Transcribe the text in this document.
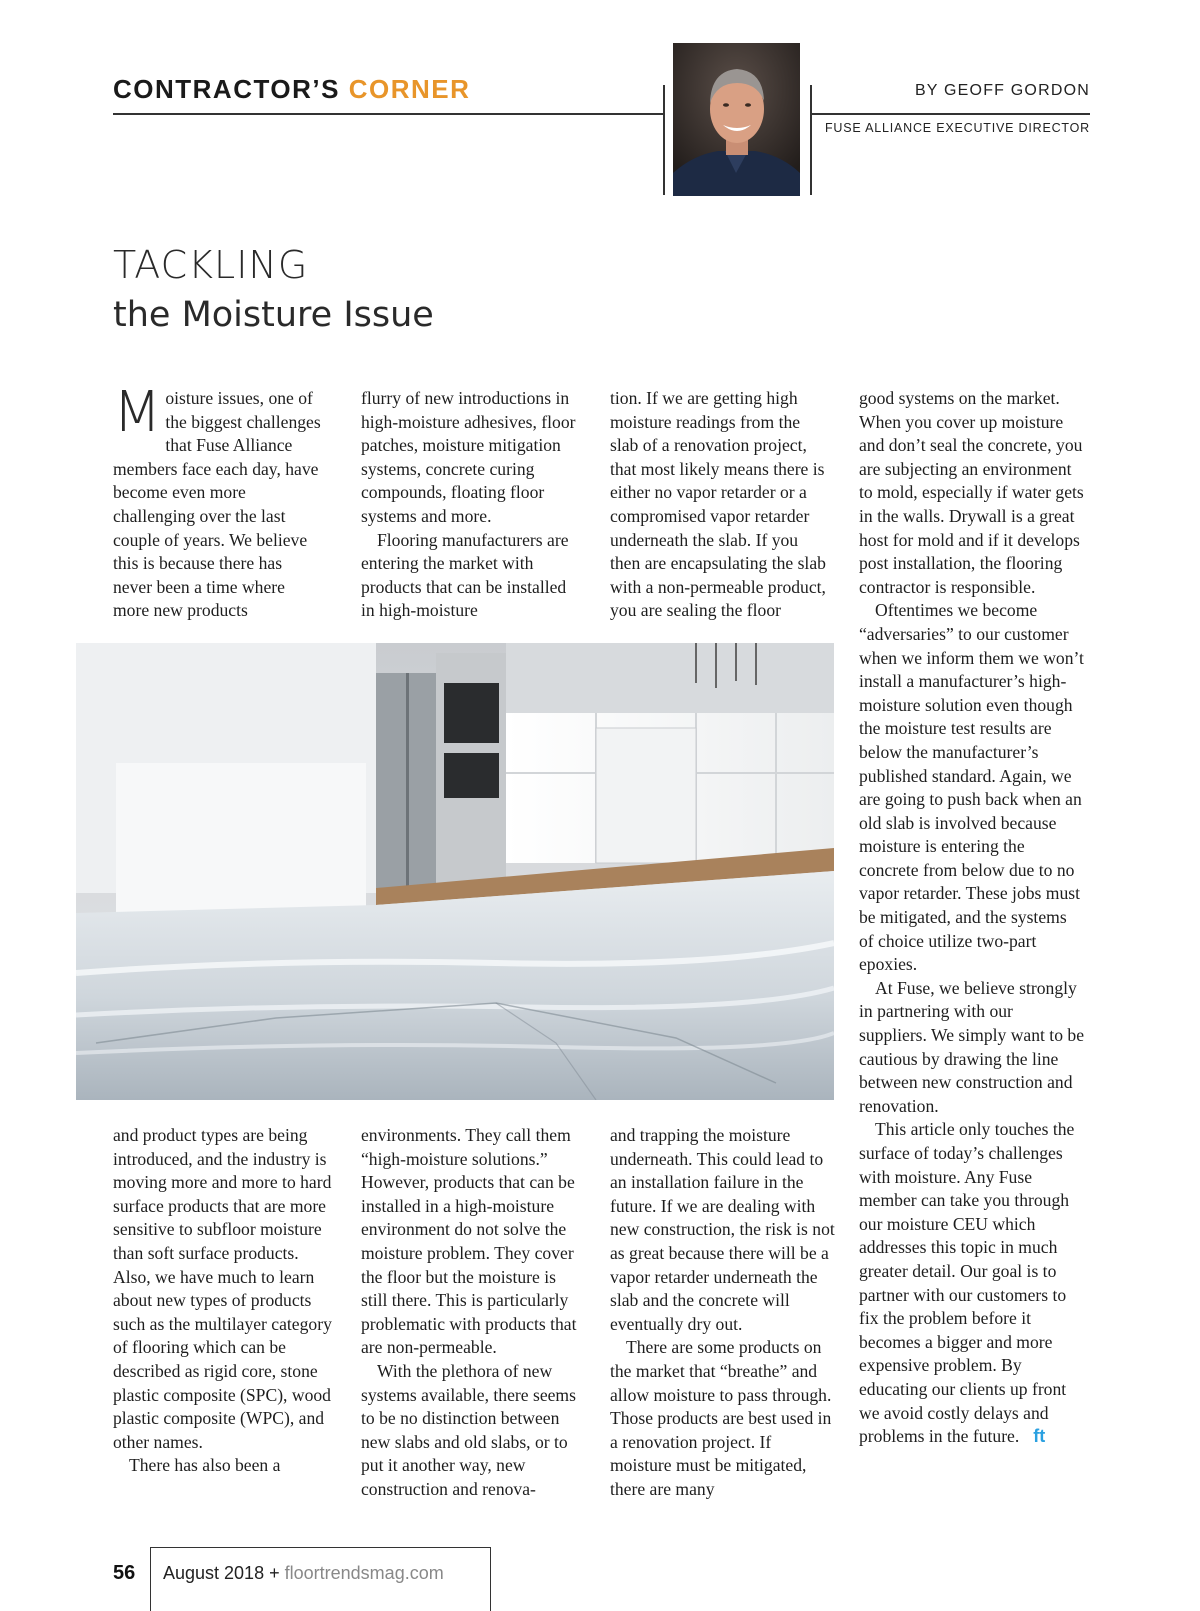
CONTRACTOR’S CORNER	BY GEOFF GORDON
FUSE ALLIANCE EXECUTIVE DIRECTOR
TACKLING
the Moisture Issue
M oisture issues, one of the biggest challenges that Fuse Alliance members face each day, have become even more challenging over the last couple of years. We believe this is because there has never been a time where more new products

flurry of new introductions in high-moisture adhesives, floor patches, moisture mitigation systems, concrete curing compounds, floating floor systems and more.

Flooring manufacturers are entering the market with products that can be installed in high-moisture

tion. If we are getting high moisture readings from the slab of a renovation project, that most likely means there is either no vapor retarder or a compromised vapor retarder underneath the slab. If you then are encapsulating the slab with a non-permeable product, you are sealing the floor

good systems on the market. When you cover up moisture and don’t seal the concrete, you are subjecting an environment to mold, especially if water gets in the walls. Drywall is a great host for mold and if it develops post installation, the flooring contractor is responsible.

Oftentimes we become “adversaries” to our customer when we inform them we won’t install a manufacturer’s high-moisture solution even though the moisture test results are below the manufacturer’s published standard. Again, we are going to push back when an old slab is involved because moisture is entering the concrete from below due to no vapor retarder. These jobs must be mitigated, and the systems of choice utilize two-part epoxies.

At Fuse, we believe strongly in partnering with our suppliers. We simply want to be cautious by drawing the line between new construction and renovation.

This article only touches the surface of today’s challenges with moisture. Any Fuse member can take you through our moisture CEU which addresses this topic in much greater detail. Our goal is to partner with our customers to fix the problem before it becomes a bigger and more expensive problem. By educating our clients up front we avoid costly delays and problems in the future. ft

and product types are being introduced, and the industry is moving more and more to hard surface products that are more sensitive to subfloor moisture than soft surface products. Also, we have much to learn about new types of products such as the multilayer category of flooring which can be described as rigid core, stone plastic composite (SPC), wood plastic composite (WPC), and other names.

There has also been a

environments. They call them “high-moisture solutions.” However, products that can be installed in a high-moisture environment do not solve the moisture problem. They cover the floor but the moisture is still there. This is particularly problematic with products that are non-permeable.

With the plethora of new systems available, there seems to be no distinction between new slabs and old slabs, or to put it another way, new construction and renova-

and trapping the moisture underneath. This could lead to an installation failure in the future. If we are dealing with new construction, the risk is not as great because there will be a vapor retarder underneath the slab and the concrete will eventually dry out.

There are some products on the market that “breathe” and allow moisture to pass through. Those products are best used in a renovation project. If moisture must be mitigated, there are many

56 August 2018 + floortrendsmag.com
